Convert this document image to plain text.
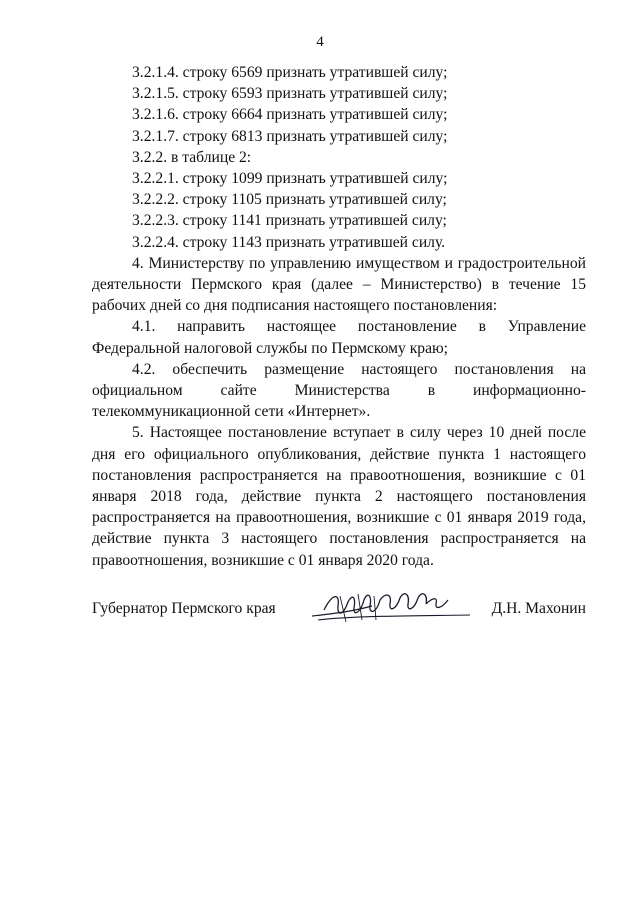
4

3.2.1.4. строку 6569 признать утратившей силу;

3.2.1.5. строку 6593 признать утратившей силу;

3.2.1.6. строку 6664 признать утратившей силу;

3.2.1.7. строку 6813 признать утратившей силу;

3.2.2. в таблице 2:

3.2.2.1. строку 1099 признать утратившей силу;

3.2.2.2. строку 1105 признать утратившей силу;

3.2.2.3. строку 1141 признать утратившей силу;

3.2.2.4. строку 1143 признать утратившей силу.

4. Министерству по управлению имуществом и градостроительной деятельности Пермского края (далее – Министерство) в течение 15 рабочих дней со дня подписания настоящего постановления:

4.1. направить настоящее постановление в Управление Федеральной налоговой службы по Пермскому краю;

4.2. обеспечить размещение настоящего постановления на официальном сайте Министерства в информационно-телекоммуникационной сети «Интернет».

5. Настоящее постановление вступает в силу через 10 дней после дня его официального опубликования, действие пункта 1 настоящего постановления распространяется на правоотношения, возникшие с 01 января 2018 года, действие пункта 2 настоящего постановления распространяется на правоотношения, возникшие с 01 января 2019 года, действие пункта 3 настоящего постановления распространяется на правоотношения, возникшие с 01 января 2020 года.

Губернатор Пермского края	Д.Н. Махонин
